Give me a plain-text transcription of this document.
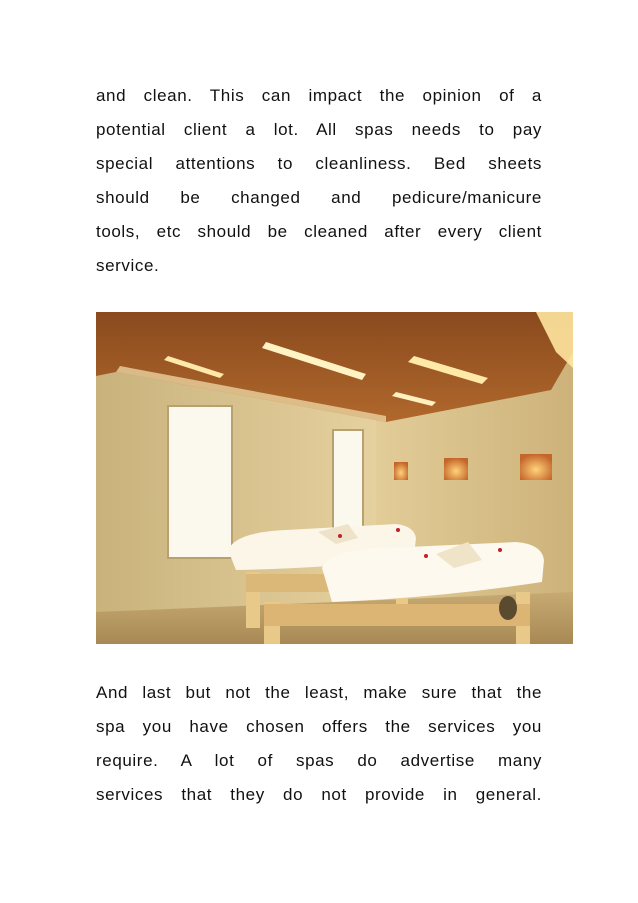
and clean. This can impact the opinion of a
potential client a lot. All spas needs to pay
special attentions to cleanliness. Bed sheets
should be changed and pedicure/manicure
tools, etc should be cleaned after every client
service.

And last but not the least, make sure that the
spa you have chosen offers the services you
require. A lot of spas do advertise many
services that they do not provide in general.
